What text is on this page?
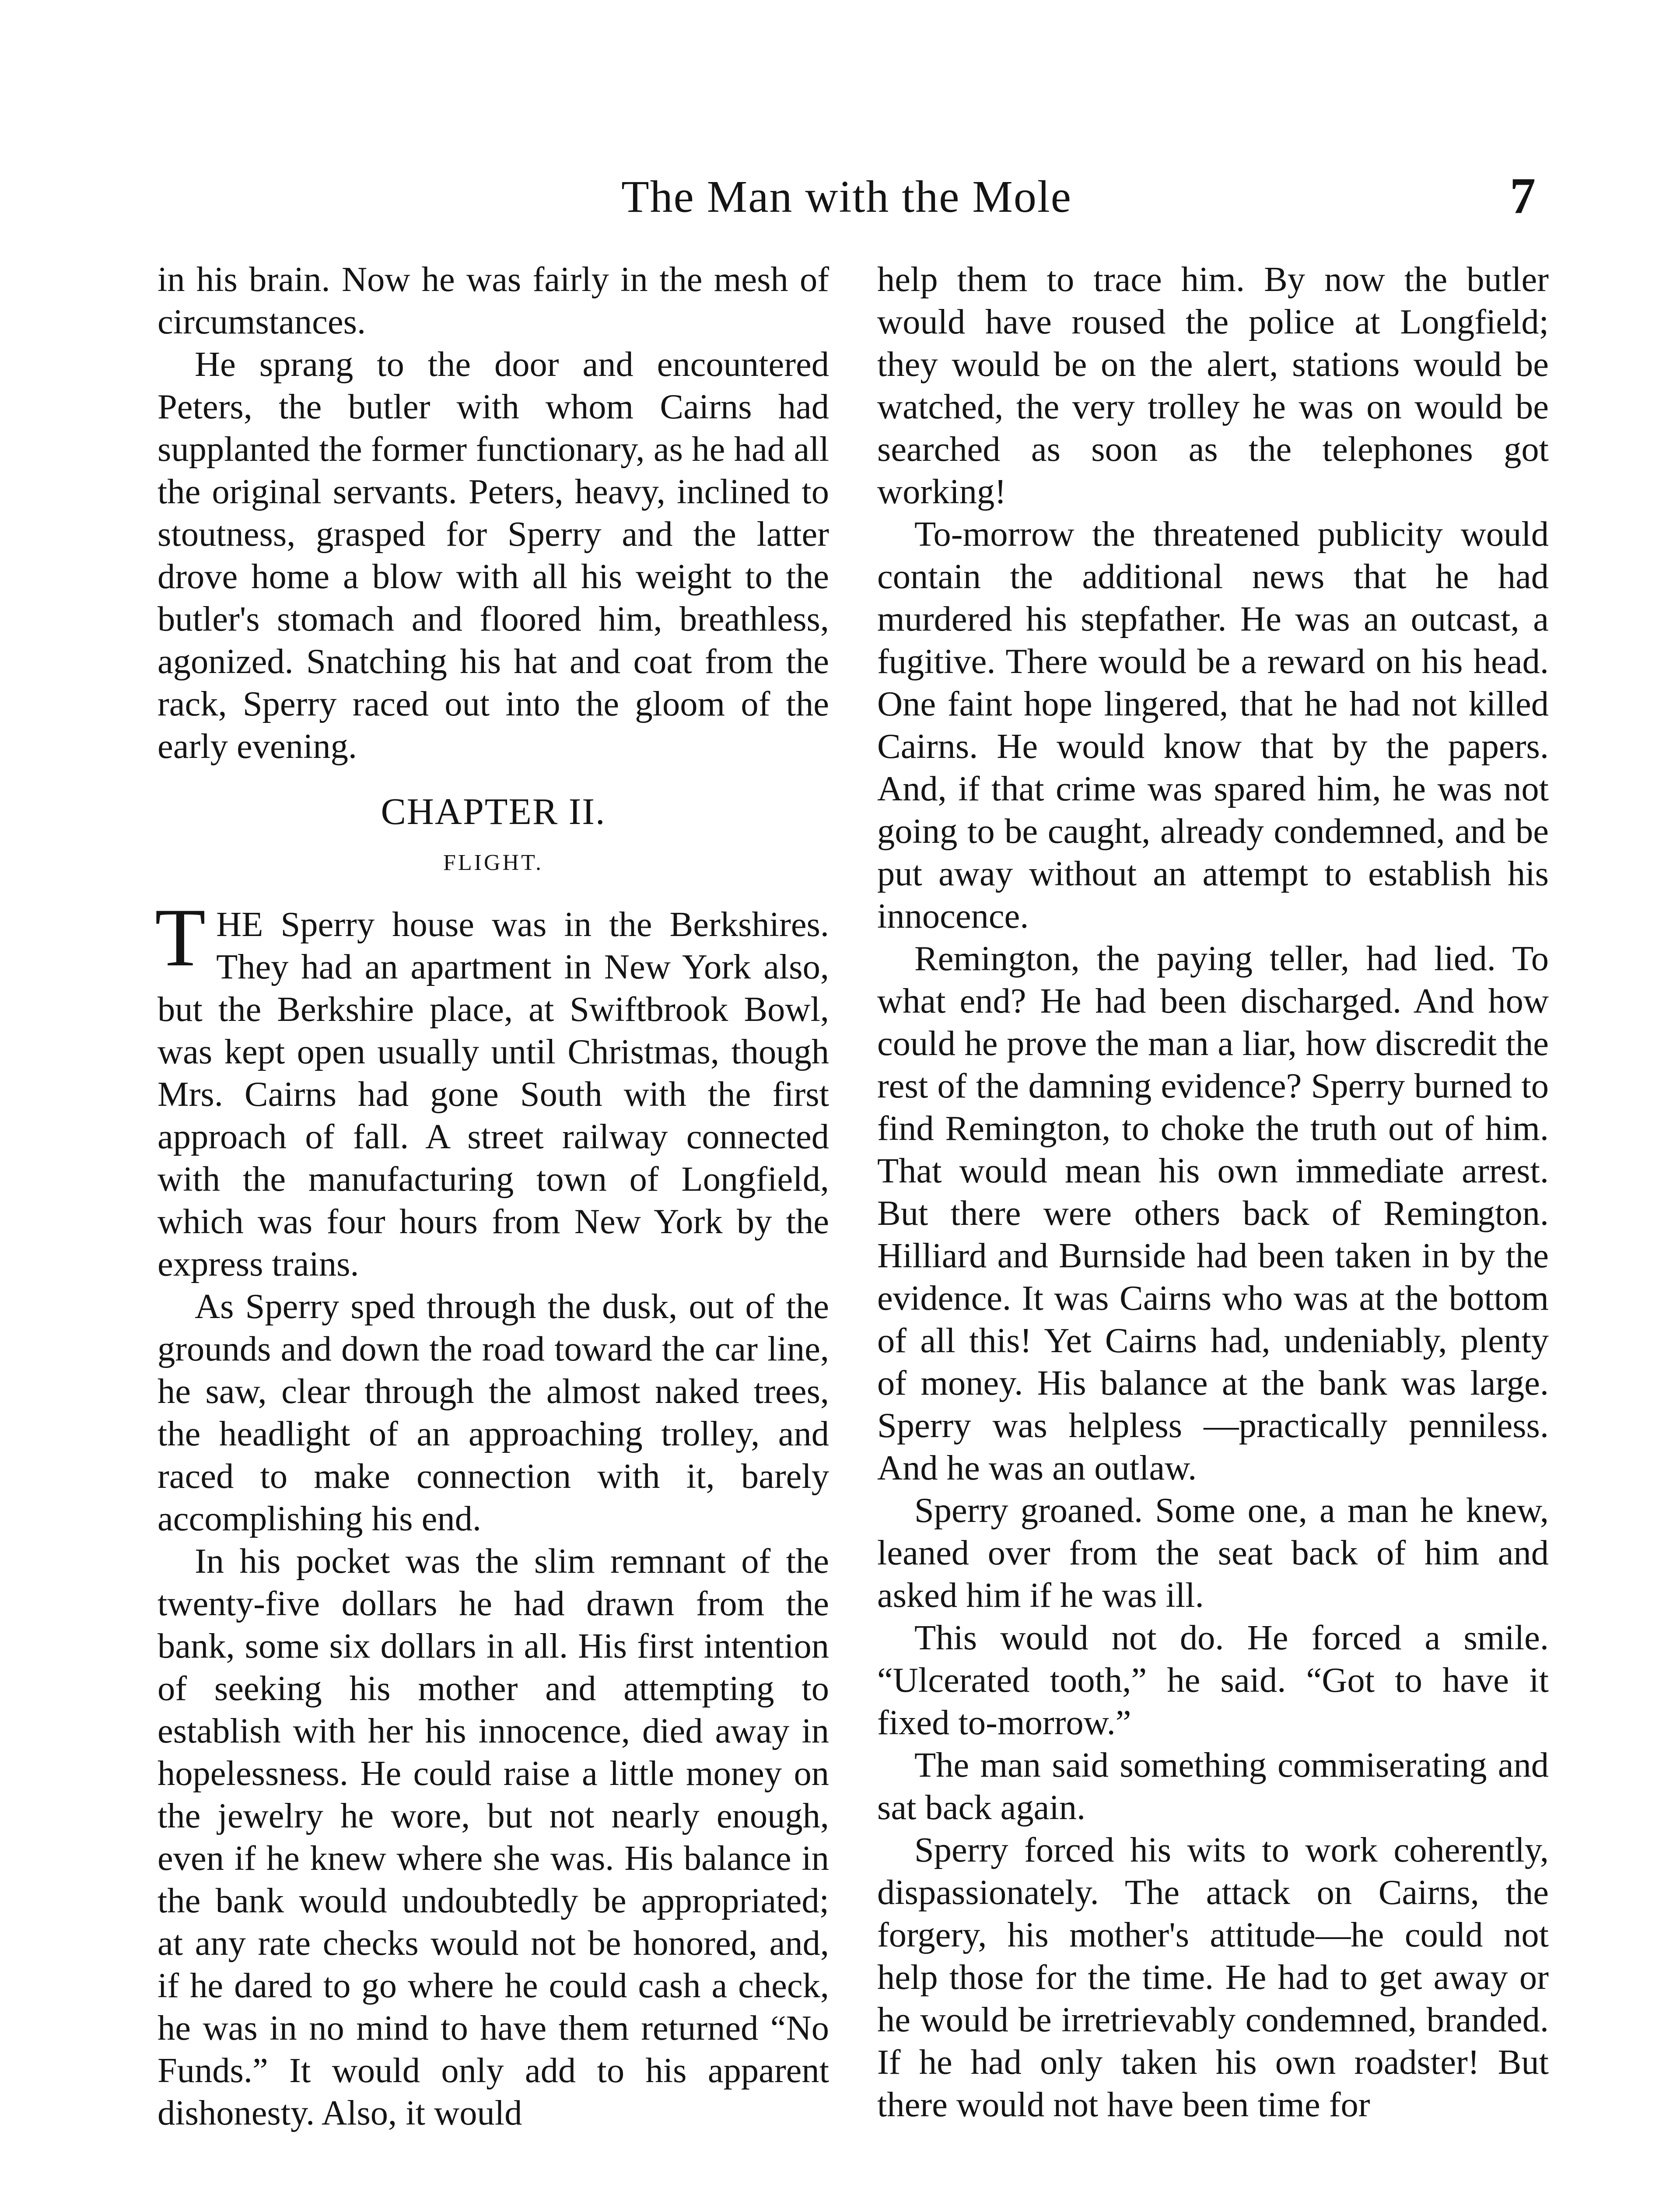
The Man with the Mole	7

in his brain. Now he was fairly in the mesh of circumstances.

He sprang to the door and encountered Peters, the butler with whom Cairns had supplanted the former functionary, as he had all the original servants. Peters, heavy, inclined to stoutness, grasped for Sperry and the latter drove home a blow with all his weight to the butler's stomach and floored him, breathless, agonized. Snatching his hat and coat from the rack, Sperry raced out into the gloom of the early evening.

CHAPTER II.
FLIGHT.

THE Sperry house was in the Berkshires. They had an apartment in New York also, but the Berkshire place, at Swiftbrook Bowl, was kept open usually until Christmas, though Mrs. Cairns had gone South with the first approach of fall. A street railway connected with the manufacturing town of Longfield, which was four hours from New York by the express trains.

As Sperry sped through the dusk, out of the grounds and down the road toward the car line, he saw, clear through the almost naked trees, the headlight of an approaching trolley, and raced to make connection with it, barely accomplishing his end.

In his pocket was the slim remnant of the twenty-five dollars he had drawn from the bank, some six dollars in all. His first intention of seeking his mother and attempting to establish with her his innocence, died away in hopelessness. He could raise a little money on the jewelry he wore, but not nearly enough, even if he knew where she was. His balance in the bank would undoubtedly be appropriated; at any rate checks would not be honored, and, if he dared to go where he could cash a check, he was in no mind to have them returned “No Funds.” It would only add to his apparent dishonesty. Also, it would

help them to trace him. By now the butler would have roused the police at Longfield; they would be on the alert, stations would be watched, the very trolley he was on would be searched as soon as the telephones got working!

To-morrow the threatened publicity would contain the additional news that he had murdered his stepfather. He was an outcast, a fugitive. There would be a reward on his head. One faint hope lingered, that he had not killed Cairns. He would know that by the papers. And, if that crime was spared him, he was not going to be caught, already condemned, and be put away without an attempt to establish his innocence.

Remington, the paying teller, had lied. To what end? He had been discharged. And how could he prove the man a liar, how discredit the rest of the damning evidence? Sperry burned to find Remington, to choke the truth out of him. That would mean his own immediate arrest. But there were others back of Remington. Hilliard and Burnside had been taken in by the evidence. It was Cairns who was at the bottom of all this! Yet Cairns had, undeniably, plenty of money. His balance at the bank was large. Sperry was helpless —practically penniless. And he was an outlaw.

Sperry groaned. Some one, a man he knew, leaned over from the seat back of him and asked him if he was ill.

This would not do. He forced a smile. “Ulcerated tooth,” he said. “Got to have it fixed to-morrow.”

The man said something commiserating and sat back again.

Sperry forced his wits to work coherently, dispassionately. The attack on Cairns, the forgery, his mother's attitude—he could not help those for the time. He had to get away or he would be irretrievably condemned, branded. If he had only taken his own roadster! But there would not have been time for
